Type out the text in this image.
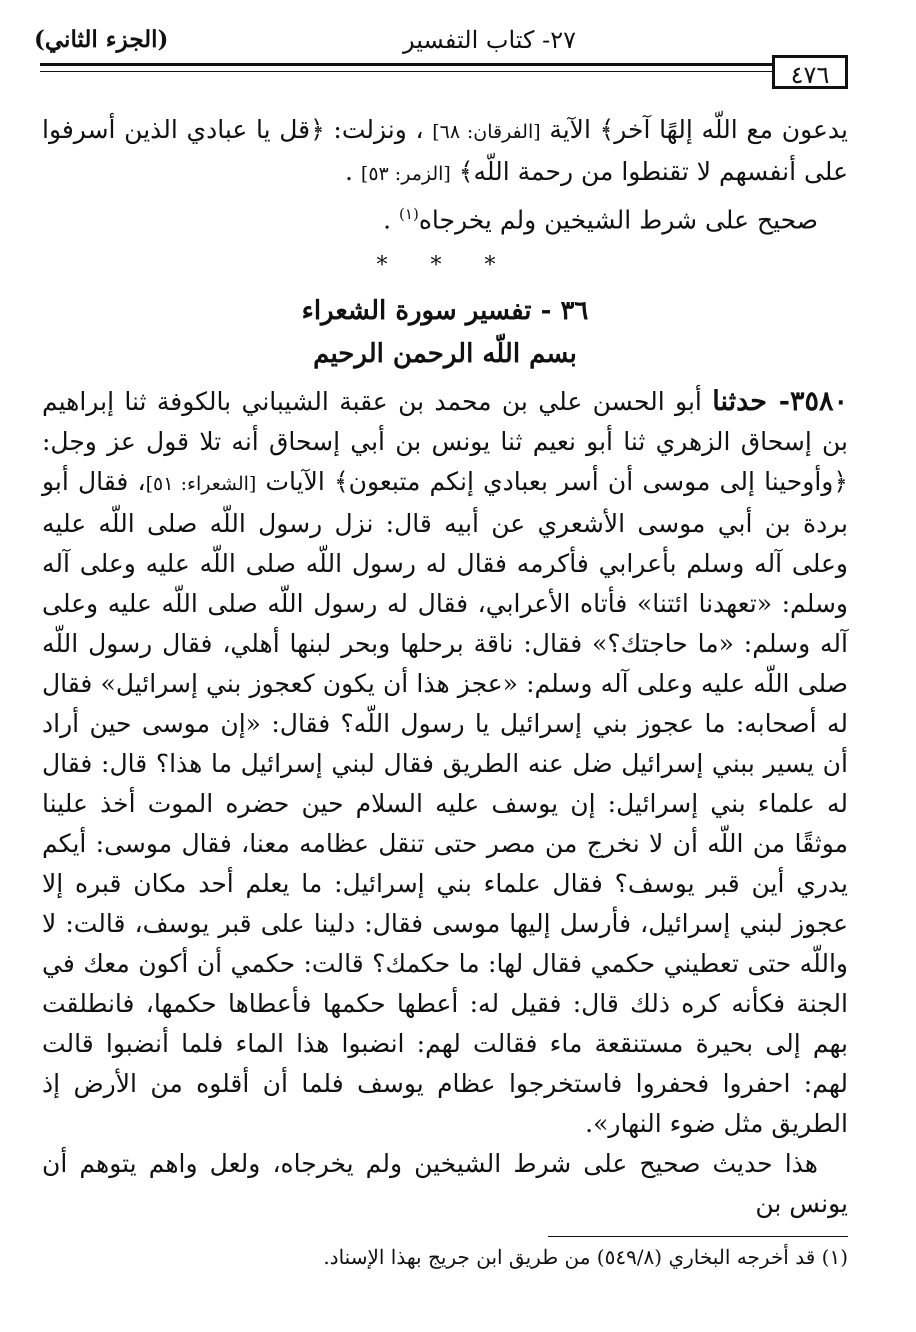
٢٧- كتاب التفسير
(الجزء الثاني)
٤٧٦

يدعون مع اللّه إلهًا آخر﴾ الآية [الفرقان: ٦٨] ، ونزلت: ﴿قل يا عبادي الذين أسرفوا على أنفسهم لا تقنطوا من رحمة اللّه﴾ [الزمر: ٥٣] .

صحيح على شرط الشيخين ولم يخرجاه$^{(١)}$ .

* * *
٣٦ - تفسير سورة الشعراء
بسم اللّه الرحمن الرحيم

٣٥٨٠- حدثنا أبو الحسن علي بن محمد بن عقبة الشيباني بالكوفة ثنا إبراهيم بن إسحاق الزهري ثنا أبو نعيم ثنا يونس بن أبي إسحاق أنه تلا قول عز وجل: ﴿وأوحينا إلى موسى أن أسر بعبادي إنكم متبعون﴾ الآيات [الشعراء: ٥١]، فقال أبو بردة بن أبي موسى الأشعري عن أبيه قال: نزل رسول اللّه صلى اللّه عليه وعلى آله وسلم بأعرابي فأكرمه فقال له رسول اللّه صلى اللّه عليه وعلى آله وسلم: «تعهدنا ائتنا» فأتاه الأعرابي، فقال له رسول اللّه صلى اللّه عليه وعلى آله وسلم: «ما حاجتك؟» فقال: ناقة برحلها وبحر لبنها أهلي، فقال رسول اللّه صلى اللّه عليه وعلى آله وسلم: «عجز هذا أن يكون كعجوز بني إسرائيل» فقال له أصحابه: ما عجوز بني إسرائيل يا رسول اللّه؟ فقال: «إن موسى حين أراد أن يسير ببني إسرائيل ضل عنه الطريق فقال لبني إسرائيل ما هذا؟ قال: فقال له علماء بني إسرائيل: إن يوسف عليه السلام حين حضره الموت أخذ علينا موثقًا من اللّه أن لا نخرج من مصر حتى تنقل عظامه معنا، فقال موسى: أيكم يدري أين قبر يوسف؟ فقال علماء بني إسرائيل: ما يعلم أحد مكان قبره إلا عجوز لبني إسرائيل، فأرسل إليها موسى فقال: دلينا على قبر يوسف، قالت: لا واللّه حتى تعطيني حكمي فقال لها: ما حكمك؟ قالت: حكمي أن أكون معك في الجنة فكأنه كره ذلك قال: فقيل له: أعطها حكمها فأعطاها حكمها، فانطلقت بهم إلى بحيرة مستنقعة ماء فقالت لهم: انضبوا هذا الماء فلما أنضبوا قالت لهم: احفروا فحفروا فاستخرجوا عظام يوسف فلما أن أقلوه من الأرض إذ الطريق مثل ضوء النهار».

هذا حديث صحيح على شرط الشيخين ولم يخرجاه، ولعل واهم يتوهم أن يونس بن

(١) قد أخرجه البخاري (٥٤٩/٨) من طريق ابن جريج بهذا الإسناد.
